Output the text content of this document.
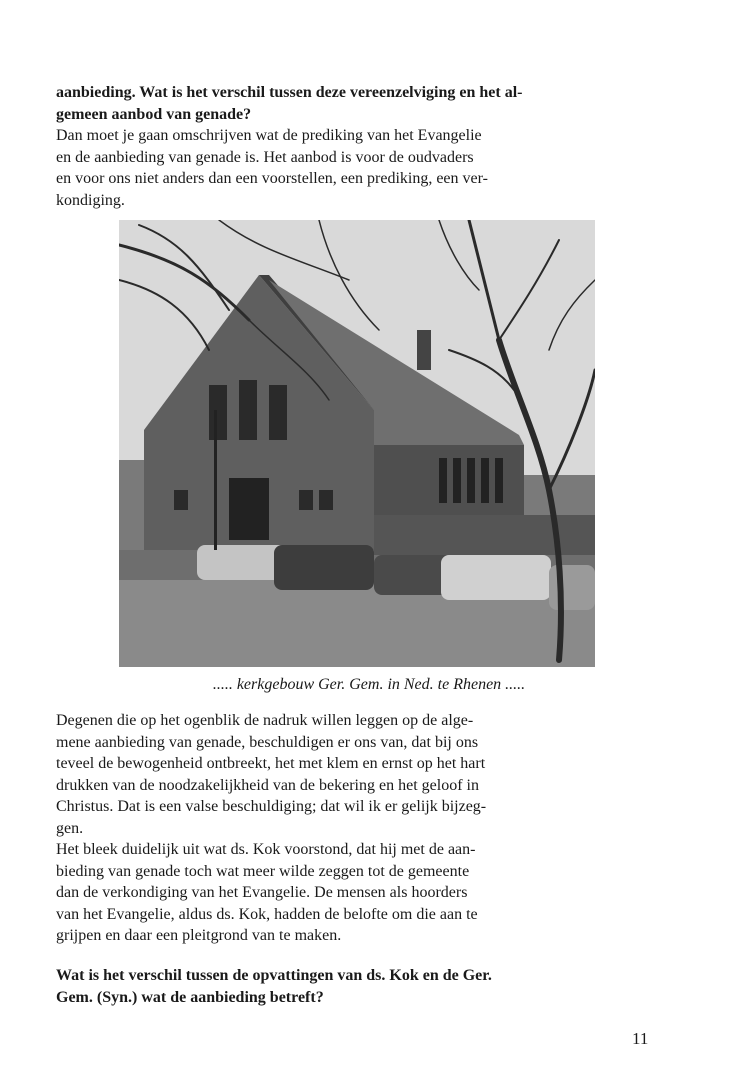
aanbieding. Wat is het verschil tussen deze vereenzelviging en het al-
gemeen aanbod van genade?

Dan moet je gaan omschrijven wat de prediking van het Evangelie
en de aanbieding van genade is. Het aanbod is voor de oudvaders
en voor ons niet anders dan een voorstellen, een prediking, een ver-
kondiging.

..... kerkgebouw Ger. Gem. in Ned. te Rhenen .....

Degenen die op het ogenblik de nadruk willen leggen op de alge-
mene aanbieding van genade, beschuldigen er ons van, dat bij ons
teveel de bewogenheid ontbreekt, het met klem en ernst op het hart
drukken van de noodzakelijkheid van de bekering en het geloof in
Christus. Dat is een valse beschuldiging; dat wil ik er gelijk bijzeg-
gen.

Het bleek duidelijk uit wat ds. Kok voorstond, dat hij met de aan-
bieding van genade toch wat meer wilde zeggen tot de gemeente
dan de verkondiging van het Evangelie. De mensen als hoorders
van het Evangelie, aldus ds. Kok, hadden de belofte om die aan te
grijpen en daar een pleitgrond van te maken.

Wat is het verschil tussen de opvattingen van ds. Kok en de Ger.
Gem. (Syn.) wat de aanbieding betreft?

11
